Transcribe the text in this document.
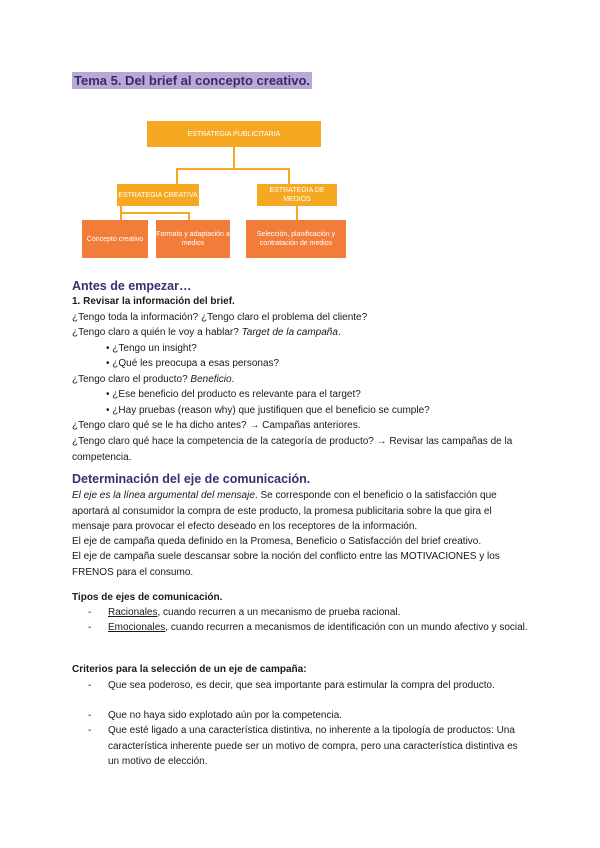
Tema 5. Del brief al concepto creativo.
ESTRATEGIA PUBLICITARIA
ESTRATEGIA CREATIVA
ESTRATEGIA DE MEDIOS
Concepto creativo
Formato y adaptación a medios
Selección, planificación y contratación de medios
Antes de empezar…
1. Revisar la información del brief.
¿Tengo toda la información? ¿Tengo claro el problema del cliente?
¿Tengo claro a quién le voy a hablar? Target de la campaña.
• ¿Tengo un insight?
• ¿Qué les preocupa a esas personas?
¿Tengo claro el producto? Beneficio.
• ¿Ese beneficio del producto es relevante para el target?
• ¿Hay pruebas (reason why) que justifiquen que el beneficio se cumple?
¿Tengo claro qué se le ha dicho antes? → Campañas anteriores.
¿Tengo claro qué hace la competencia de la categoría de producto? → Revisar las campañas de la competencia.
Determinación del eje de comunicación.
El eje es la línea argumental del mensaje. Se corresponde con el beneficio o la satisfacción que aportará al consumidor la compra de este producto, la promesa publicitaria sobre la que gira el mensaje para provocar el efecto deseado en los receptores de la información.
El eje de campaña queda definido en la Promesa, Beneficio o Satisfacción del brief creativo.
El eje de campaña suele descansar sobre la noción del conflicto entre las MOTIVACIONES y los FRENOS para el consumo.
Tipos de ejes de comunicación.
- Racionales, cuando recurren a un mecanismo de prueba racional.
- Emocionales, cuando recurren a mecanismos de identificación con un mundo afectivo y social.
Criterios para la selección de un eje de campaña:
- Que sea poderoso, es decir, que sea importante para estimular la compra del producto.
- Que no haya sido explotado aún por la competencia.
- Que esté ligado a una característica distintiva, no inherente a la tipología de productos: Una característica inherente puede ser un motivo de compra, pero una característica distintiva es un motivo de elección.
